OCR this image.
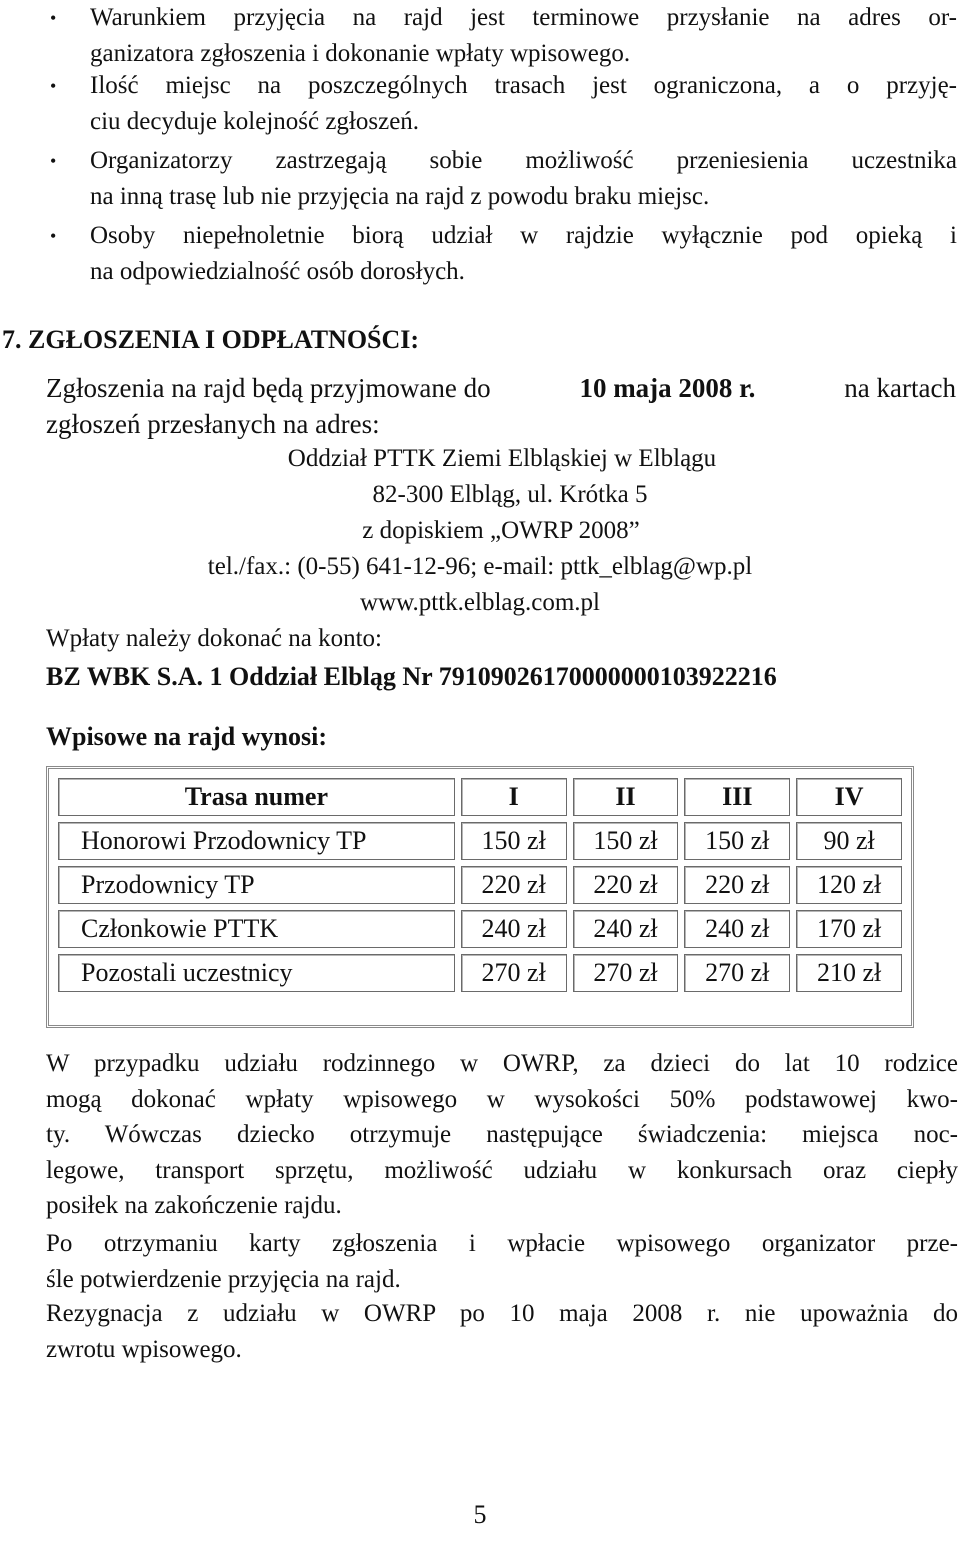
• Warunkiem przyjęcia na rajd jest terminowe przysłanie na adres or-
ganizatora zgłoszenia i dokonanie wpłaty wpisowego.
• Ilość miejsc na poszczególnych trasach jest ograniczona, a o przyję-
ciu decyduje kolejność zgłoszeń.
• Organizatorzy zastrzegają sobie możliwość przeniesienia uczestnika
na inną trasę lub nie przyjęcia na rajd z powodu braku miejsc.
• Osoby niepełnoletnie biorą udział w rajdzie wyłącznie pod opieką i
na odpowiedzialność osób dorosłych.
7. ZGŁOSZENIA I ODPŁATNOŚCI:
Zgłoszenia na rajd będą przyjmowane do	10 maja 2008 r.	na kartach
zgłoszeń przesłanych na adres:
Oddział PTTK Ziemi Elbląskiej w Elblągu
82-300 Elbląg, ul. Krótka 5
z dopiskiem „OWRP 2008”
tel./fax.: (0-55) 641-12-96; e-mail: pttk_elblag@wp.pl
www.pttk.elblag.com.pl
Wpłaty należy dokonać na konto:
BZ WBK S.A. 1 Oddział Elbląg Nr 79109026170000000103922216
Wpisowe na rajd wynosi:
Trasa numer	I	II	III	IV
Honorowi Przodownicy TP	150 zł	150 zł	150 zł	90 zł
Przodownicy TP	220 zł	220 zł	220 zł	120 zł
Członkowie PTTK	240 zł	240 zł	240 zł	170 zł
Pozostali uczestnicy	270 zł	270 zł	270 zł	210 zł
W przypadku udziału rodzinnego w OWRP, za dzieci do lat 10 rodzice
mogą dokonać wpłaty wpisowego w wysokości 50% podstawowej kwo-
ty. Wówczas dziecko otrzymuje następujące świadczenia: miejsca noc-
legowe, transport sprzętu, możliwość udziału w konkursach oraz ciepły
posiłek na zakończenie rajdu.
Po otrzymaniu karty zgłoszenia i wpłacie wpisowego organizator prze-
śle potwierdzenie przyjęcia na rajd.
Rezygnacja z udziału w OWRP po 10 maja 2008 r. nie upoważnia do
zwrotu wpisowego.
5
